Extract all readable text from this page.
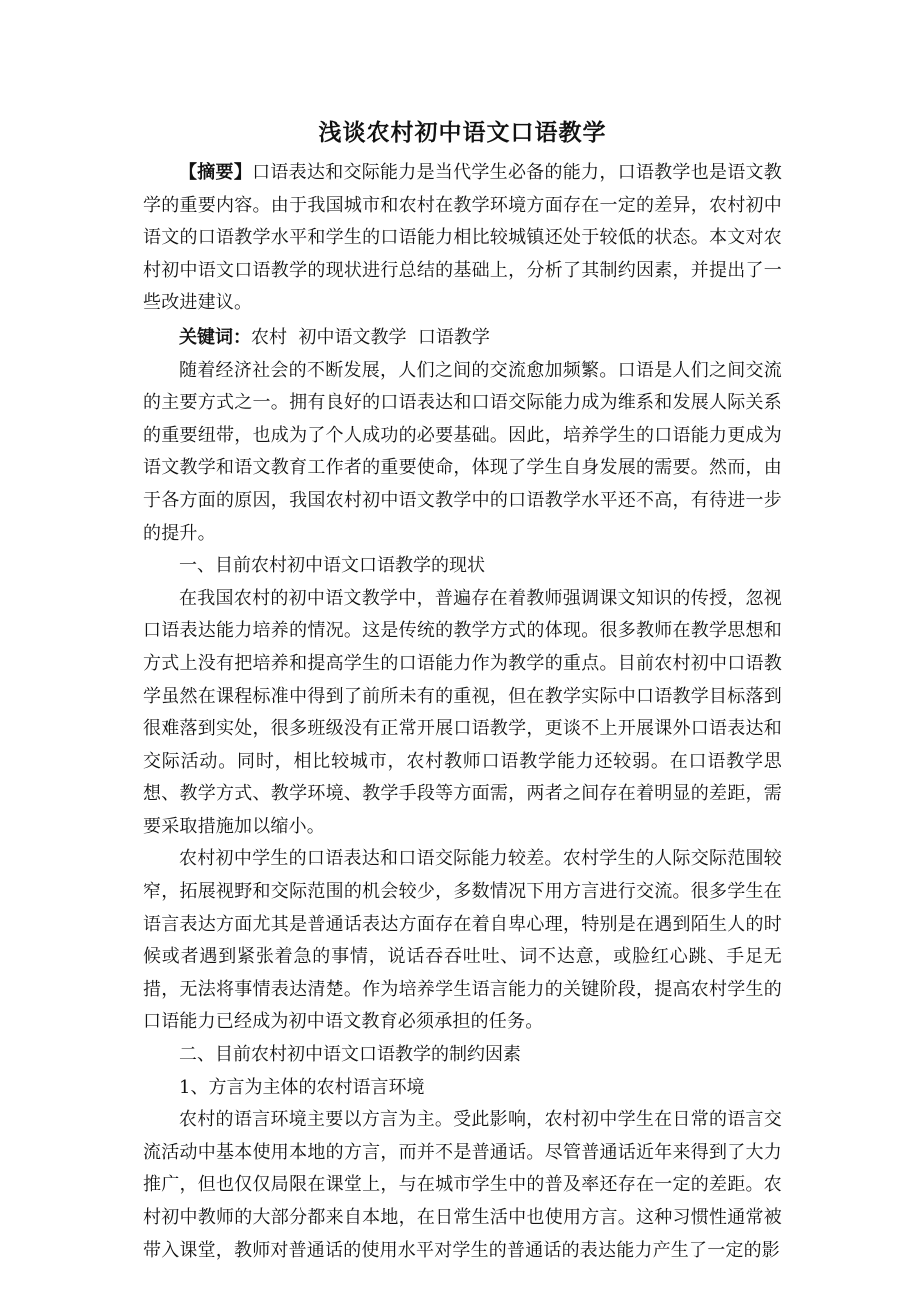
浅谈农村初中语文口语教学

【摘要】口语表达和交际能力是当代学生必备的能力，口语教学也是语文教学的重要内容。由于我国城市和农村在教学环境方面存在一定的差异，农村初中语文的口语教学水平和学生的口语能力相比较城镇还处于较低的状态。本文对农村初中语文口语教学的现状进行总结的基础上，分析了其制约因素，并提出了一些改进建议。

关键词：农村  初中语文教学  口语教学

随着经济社会的不断发展，人们之间的交流愈加频繁。口语是人们之间交流的主要方式之一。拥有良好的口语表达和口语交际能力成为维系和发展人际关系的重要纽带，也成为了个人成功的必要基础。因此，培养学生的口语能力更成为语文教学和语文教育工作者的重要使命，体现了学生自身发展的需要。然而，由于各方面的原因，我国农村初中语文教学中的口语教学水平还不高，有待进一步的提升。

一、目前农村初中语文口语教学的现状

在我国农村的初中语文教学中，普遍存在着教师强调课文知识的传授，忽视口语表达能力培养的情况。这是传统的教学方式的体现。很多教师在教学思想和方式上没有把培养和提高学生的口语能力作为教学的重点。目前农村初中口语教学虽然在课程标准中得到了前所未有的重视，但在教学实际中口语教学目标落到很难落到实处，很多班级没有正常开展口语教学，更谈不上开展课外口语表达和交际活动。同时，相比较城市，农村教师口语教学能力还较弱。在口语教学思想、教学方式、教学环境、教学手段等方面需，两者之间存在着明显的差距，需要采取措施加以缩小。

农村初中学生的口语表达和口语交际能力较差。农村学生的人际交际范围较窄，拓展视野和交际范围的机会较少，多数情况下用方言进行交流。很多学生在语言表达方面尤其是普通话表达方面存在着自卑心理，特别是在遇到陌生人的时候或者遇到紧张着急的事情，说话吞吞吐吐、词不达意，或脸红心跳、手足无措，无法将事情表达清楚。作为培养学生语言能力的关键阶段，提高农村学生的口语能力已经成为初中语文教育必须承担的任务。

二、目前农村初中语文口语教学的制约因素

1、方言为主体的农村语言环境

农村的语言环境主要以方言为主。受此影响，农村初中学生在日常的语言交流活动中基本使用本地的方言，而并不是普通话。尽管普通话近年来得到了大力推广，但也仅仅局限在课堂上，与在城市学生中的普及率还存在一定的差距。农村初中教师的大部分都来自本地，在日常生活中也使用方言。这种习惯性通常被带入课堂，教师对普通话的使用水平对学生的普通话的表达能力产生了一定的影
